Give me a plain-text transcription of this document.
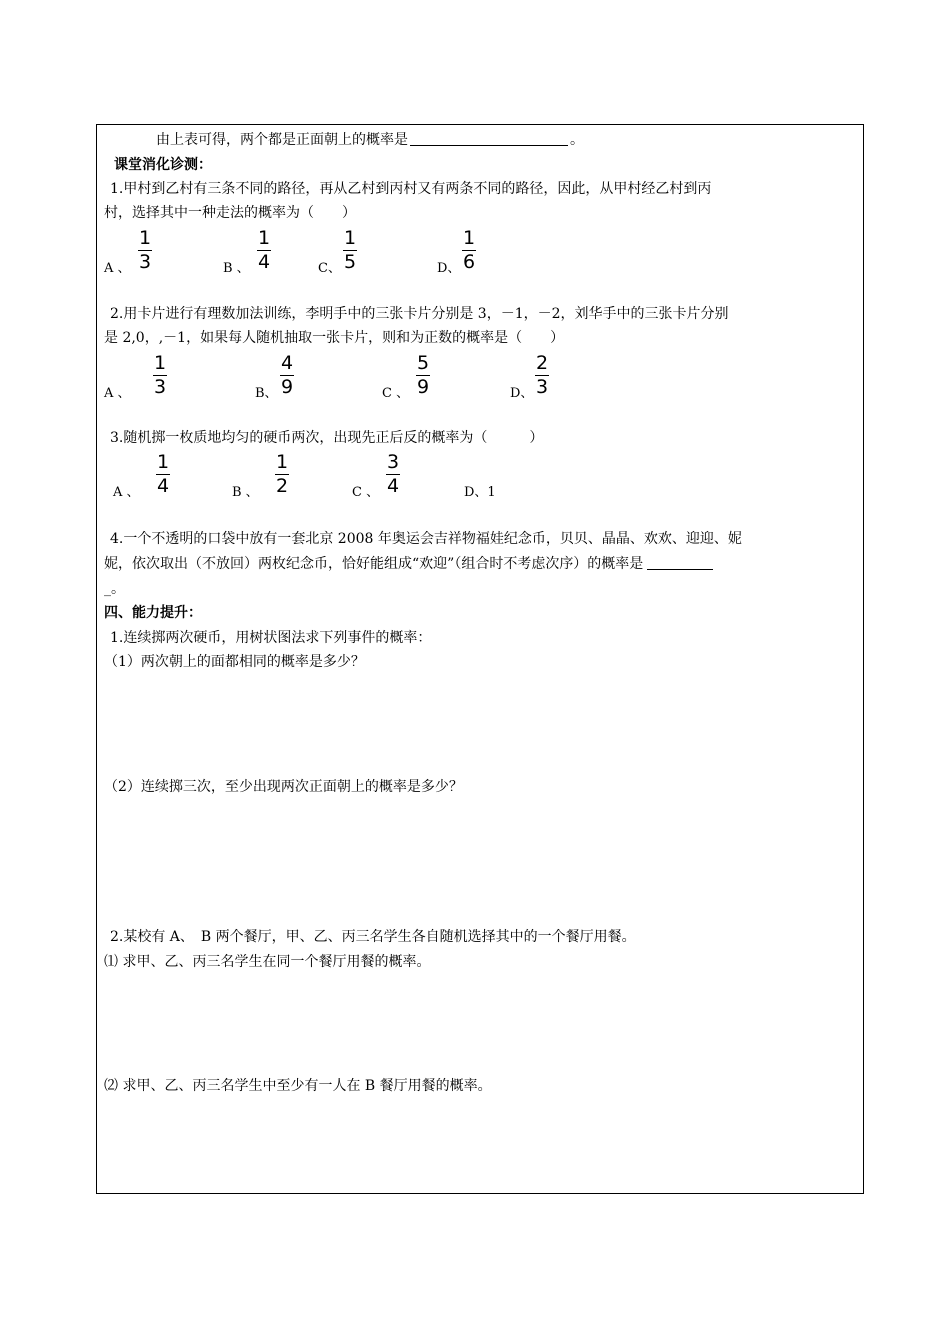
由上表可得，两个都是正面朝上的概率是	。
课堂消化诊测：
1.甲村到乙村有三条不同的路径，再从乙村到丙村又有两条不同的路径，因此，从甲村经乙村到丙
村，选择其中一种走法的概率为（　　）
A 、
1
3	B 、
1
4	C、
1
5	D、
1
6
2.用卡片进行有理数加法训练，李明手中的三张卡片分别是 3，－1，－2，刘华手中的三张卡片分别
是 2,0，,－1，如果每人随机抽取一张卡片，则和为正数的概率是（　　）
A 、
1
3	B、
4
9	C 、
5
9	D、
2
3
3.随机掷一枚质地均匀的硬币两次，出现先正后反的概率为（　　　）
A 、
1
4	B 、
1
2	C 、
3
4	D、1
4.一个不透明的口袋中放有一套北京 2008 年奥运会吉祥物福娃纪念币，贝贝、晶晶、欢欢、迎迎、妮
妮，依次取出（不放回）两枚纪念币，恰好能组成“欢迎”（组合时不考虑次序）的概率是
_。
四、能力提升：
1.连续掷两次硬币，用树状图法求下列事件的概率：
（1）两次朝上的面都相同的概率是多少？
（2）连续掷三次，至少出现两次正面朝上的概率是多少？
2.某校有 A、　B 两个餐厅，甲、乙、丙三名学生各自随机选择其中的一个餐厅用餐。
⑴ 求甲、乙、丙三名学生在同一个餐厅用餐的概率。
⑵ 求甲、乙、丙三名学生中至少有一人在 B 餐厅用餐的概率。
